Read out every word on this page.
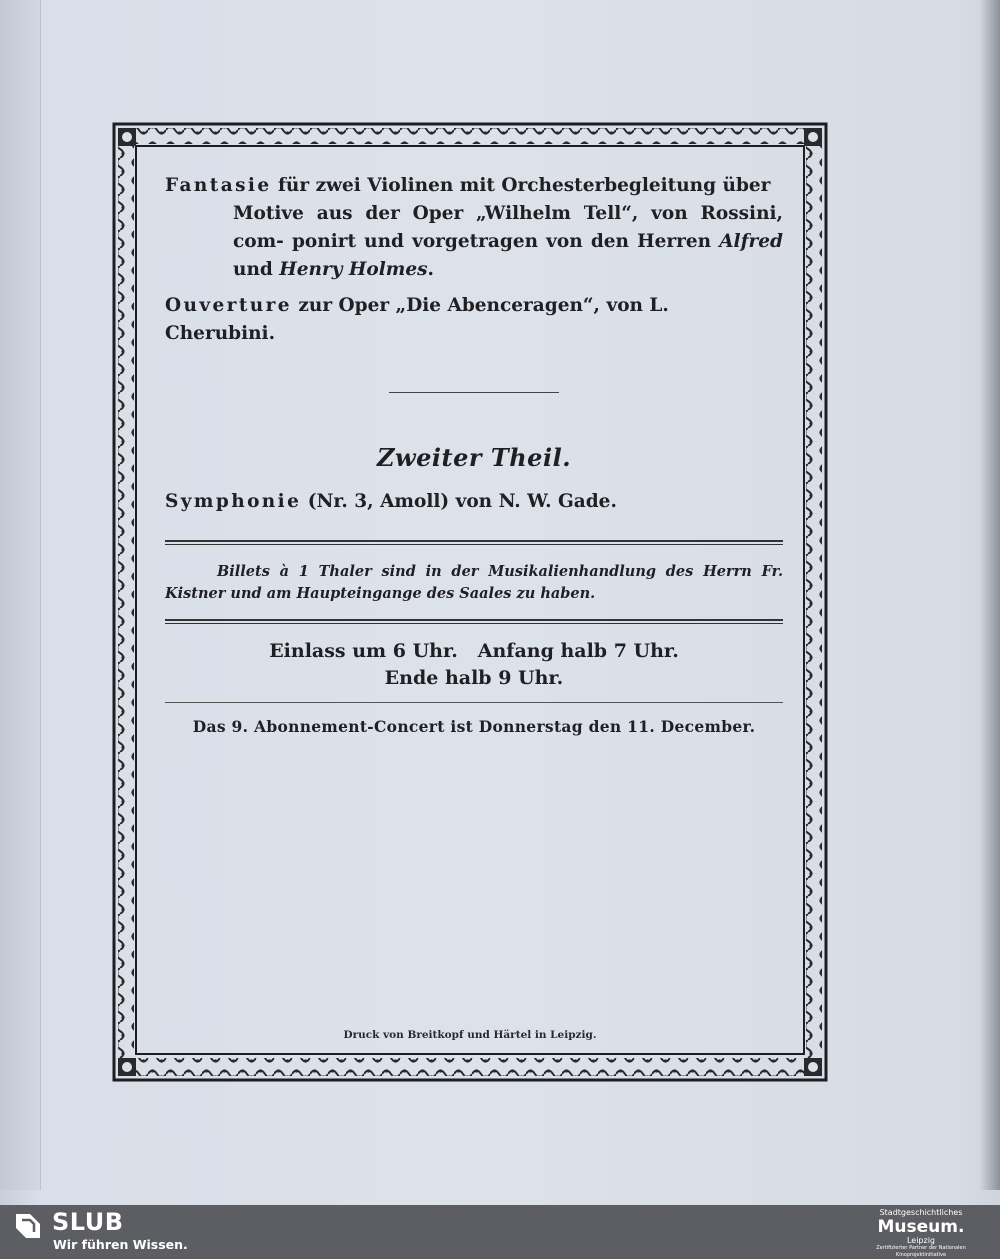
Fantasie für zwei Violinen mit Orchesterbegleitung über
Motive aus der Oper „Wilhelm Tell“, von Rossini, com- ponirt und vorgetragen von den Herren Alfred und Henry Holmes.
Ouverture zur Oper „Die Abenceragen“, von L. Cherubini.
Zweiter Theil.
Symphonie (Nr. 3, Amoll) von N. W. Gade.

Billets à 1 Thaler sind in der Musikalienhandlung des Herrn Fr. Kistner und am Haupteingange des Saales zu haben.

Einlass um 6 Uhr.   Anfang halb 7 Uhr.
Ende halb 9 Uhr.
Das 9. Abonnement-Concert ist Donnerstag den 11. December.
Druck von Breitkopf und Härtel in Leipzig.
SLUB
Wir führen Wissen.
Stadtgeschichtliches
Museum.
Leipzig
Zertifizierter Partner der Nationalen Kinoprojektinitiative
